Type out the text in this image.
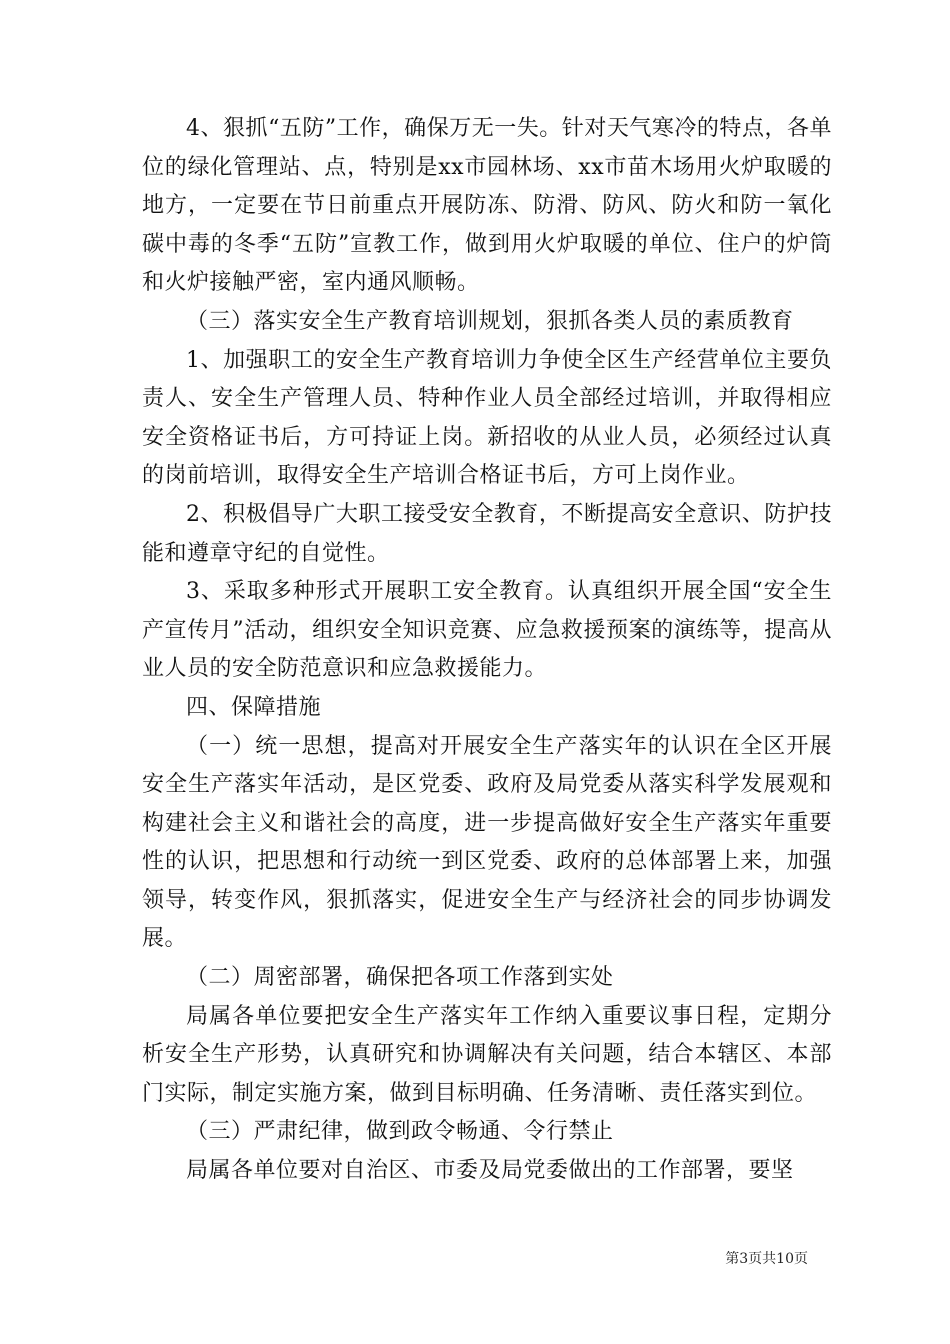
4、狠抓“五防”工作，确保万无一失。针对天气寒冷的特点，各单位的绿化管理站、点，特别是xx市园林场、xx市苗木场用火炉取暖的地方，一定要在节日前重点开展防冻、防滑、防风、防火和防一氧化碳中毒的冬季“五防”宣教工作，做到用火炉取暖的单位、住户的炉筒和火炉接触严密，室内通风顺畅。

（三）落实安全生产教育培训规划，狠抓各类人员的素质教育

1、加强职工的安全生产教育培训力争使全区生产经营单位主要负责人、安全生产管理人员、特种作业人员全部经过培训，并取得相应安全资格证书后，方可持证上岗。新招收的从业人员，必须经过认真的岗前培训，取得安全生产培训合格证书后，方可上岗作业。

2、积极倡导广大职工接受安全教育，不断提高安全意识、防护技能和遵章守纪的自觉性。

3、采取多种形式开展职工安全教育。认真组织开展全国“安全生产宣传月”活动，组织安全知识竞赛、应急救援预案的演练等，提高从业人员的安全防范意识和应急救援能力。

四、保障措施

（一）统一思想，提高对开展安全生产落实年的认识在全区开展安全生产落实年活动，是区党委、政府及局党委从落实科学发展观和构建社会主义和谐社会的高度，进一步提高做好安全生产落实年重要性的认识，把思想和行动统一到区党委、政府的总体部署上来，加强领导，转变作风，狠抓落实，促进安全生产与经济社会的同步协调发展。

（二）周密部署，确保把各项工作落到实处

局属各单位要把安全生产落实年工作纳入重要议事日程，定期分析安全生产形势，认真研究和协调解决有关问题，结合本辖区、本部门实际，制定实施方案，做到目标明确、任务清晰、责任落实到位。

（三）严肃纪律，做到政令畅通、令行禁止

局属各单位要对自治区、市委及局党委做出的工作部署，要坚

第3页共10页
